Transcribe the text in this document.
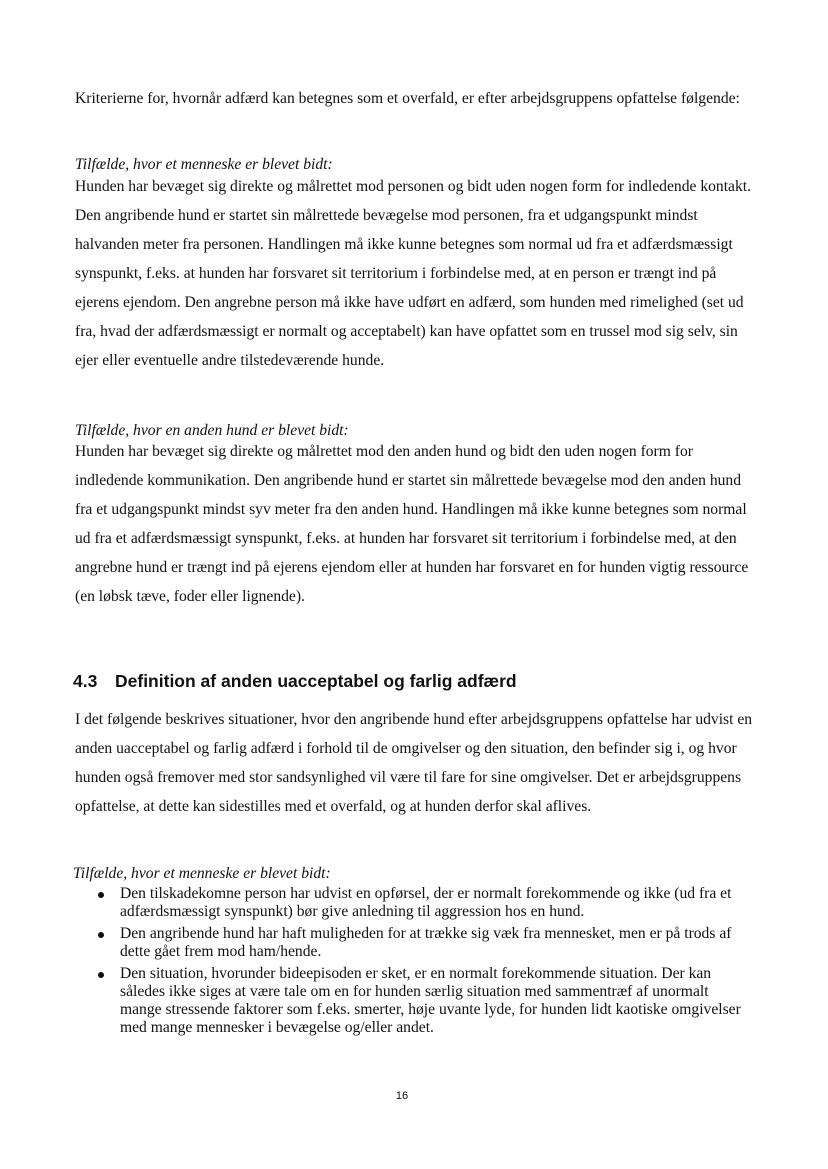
Kriterierne for, hvornår adfærd kan betegnes som et overfald, er efter arbejdsgruppens opfattelse følgende:

Tilfælde, hvor et menneske er blevet bidt:

Hunden har bevæget sig direkte og målrettet mod personen og bidt uden nogen form for indledende kontakt. Den angribende hund er startet sin målrettede bevægelse mod personen, fra et udgangspunkt mindst halvanden meter fra personen. Handlingen må ikke kunne betegnes som normal ud fra et adfærdsmæssigt synspunkt, f.eks. at hunden har forsvaret sit territorium i forbindelse med, at en person er trængt ind på ejerens ejendom. Den angrebne person må ikke have udført en adfærd, som hunden med rimelighed (set ud fra, hvad der adfærdsmæssigt er normalt og acceptabelt) kan have opfattet som en trussel mod sig selv, sin ejer eller eventuelle andre tilstedeværende hunde.

Tilfælde, hvor en anden hund er blevet bidt:

Hunden har bevæget sig direkte og målrettet mod den anden hund og bidt den uden nogen form for indledende kommunikation. Den angribende hund er startet sin målrettede bevægelse mod den anden hund fra et udgangspunkt mindst syv meter fra den anden hund. Handlingen må ikke kunne betegnes som normal ud fra et adfærdsmæssigt synspunkt, f.eks. at hunden har forsvaret sit territorium i forbindelse med, at den angrebne hund er trængt ind på ejerens ejendom eller at hunden har forsvaret en for hunden vigtig ressource (en løbsk tæve, foder eller lignende).

4.3 Definition af anden uacceptabel og farlig adfærd

I det følgende beskrives situationer, hvor den angribende hund efter arbejdsgruppens opfattelse har udvist en anden uacceptabel og farlig adfærd i forhold til de omgivelser og den situation, den befinder sig i, og hvor hunden også fremover med stor sandsynlighed vil være til fare for sine omgivelser. Det er arbejdsgruppens opfattelse, at dette kan sidestilles med et overfald, og at hunden derfor skal aflives.

Tilfælde, hvor et menneske er blevet bidt:
Den tilskadekomne person har udvist en opførsel, der er normalt forekommende og ikke (ud fra et adfærdsmæssigt synspunkt) bør give anledning til aggression hos en hund.
Den angribende hund har haft muligheden for at trække sig væk fra mennesket, men er på trods af dette gået frem mod ham/hende.
Den situation, hvorunder bideepisoden er sket, er en normalt forekommende situation. Der kan således ikke siges at være tale om en for hunden særlig situation med sammentræf af unormalt mange stressende faktorer som f.eks. smerter, høje uvante lyde, for hunden lidt kaotiske omgivelser med mange mennesker i bevægelse og/eller andet.
16
